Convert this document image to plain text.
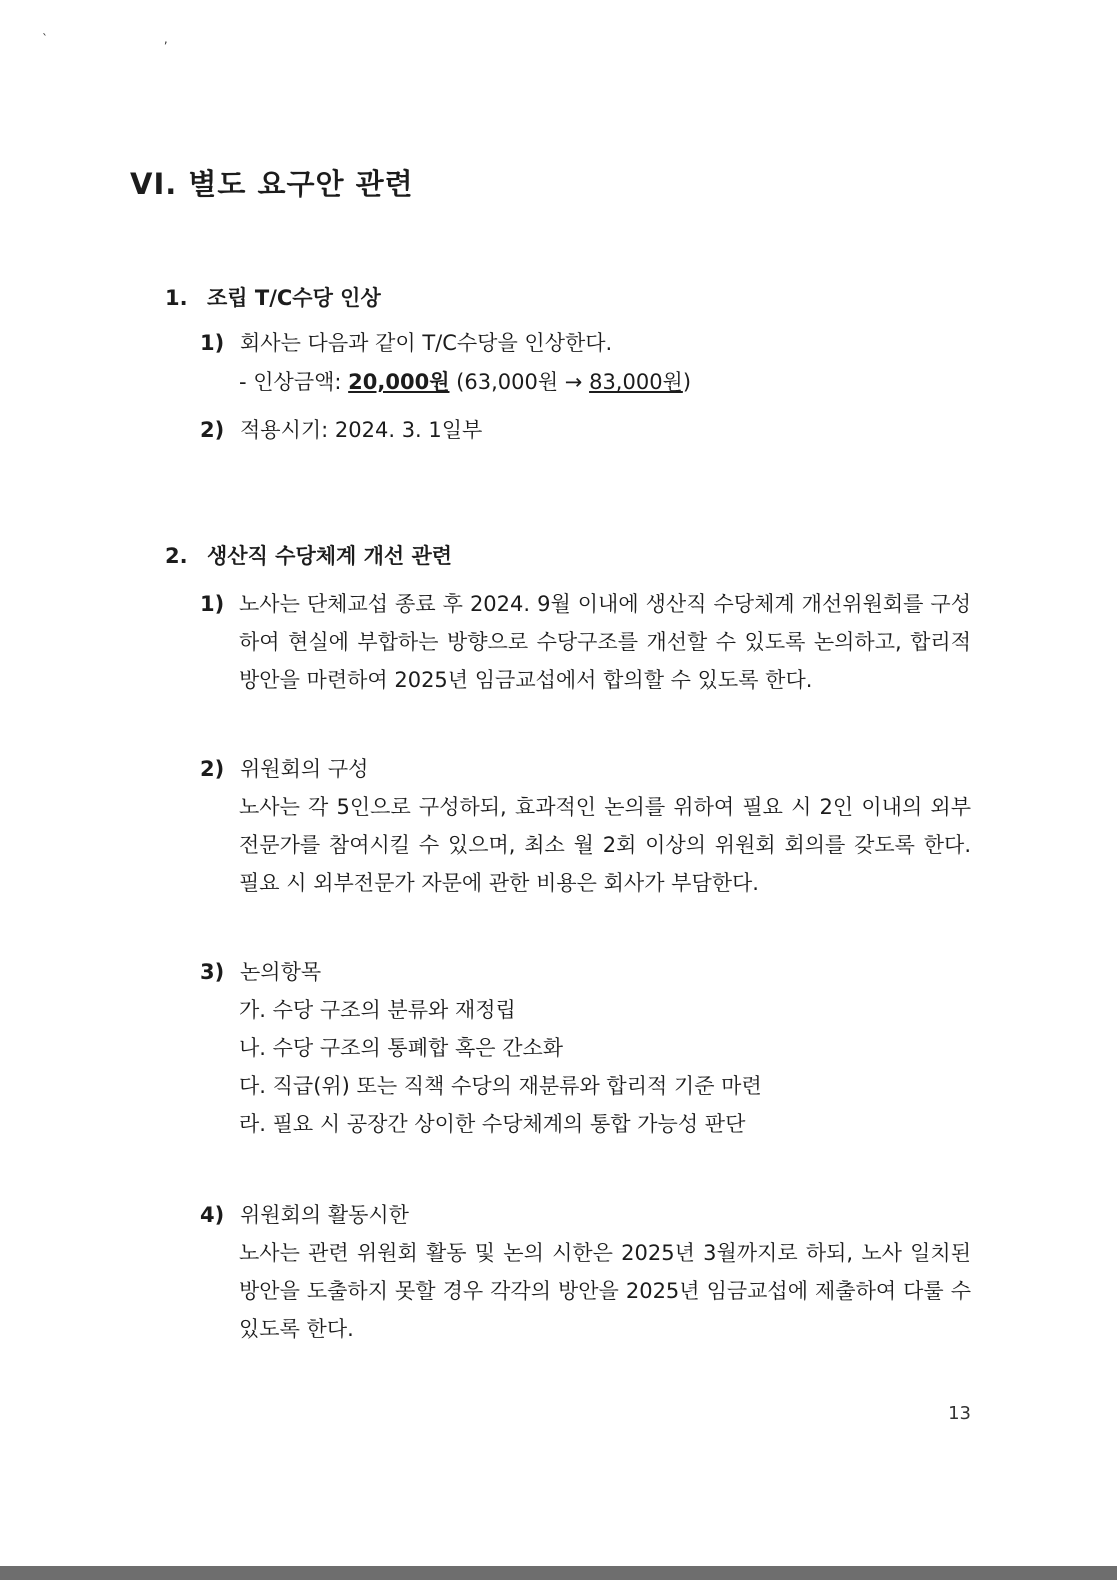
` ,
VI. 별도 요구안 관련
1. 조립 T/C수당 인상
1) 회사는 다음과 같이 T/C수당을 인상한다.
- 인상금액: 20,000원 (63,000원 → 83,000원)
2) 적용시기: 2024. 3. 1일부
2. 생산직 수당체계 개선 관련
1) 노사는 단체교섭 종료 후 2024. 9월 이내에 생산직 수당체계 개선위원회를 구성하여 현실에 부합하는 방향으로 수당구조를 개선할 수 있도록 논의하고, 합리적 방안을 마련하여 2025년 임금교섭에서 합의할 수 있도록 한다.
2) 위원회의 구성
노사는 각 5인으로 구성하되, 효과적인 논의를 위하여 필요 시 2인 이내의 외부전문가를 참여시킬 수 있으며, 최소 월 2회 이상의 위원회 회의를 갖도록 한다. 필요 시 외부전문가 자문에 관한 비용은 회사가 부담한다.
3) 논의항목
가. 수당 구조의 분류와 재정립
나. 수당 구조의 통폐합 혹은 간소화
다. 직급(위) 또는 직책 수당의 재분류와 합리적 기준 마련
라. 필요 시 공장간 상이한 수당체계의 통합 가능성 판단
4) 위원회의 활동시한
노사는 관련 위원회 활동 및 논의 시한은 2025년 3월까지로 하되, 노사 일치된 방안을 도출하지 못할 경우 각각의 방안을 2025년 임금교섭에 제출하여 다룰 수 있도록 한다.
13
